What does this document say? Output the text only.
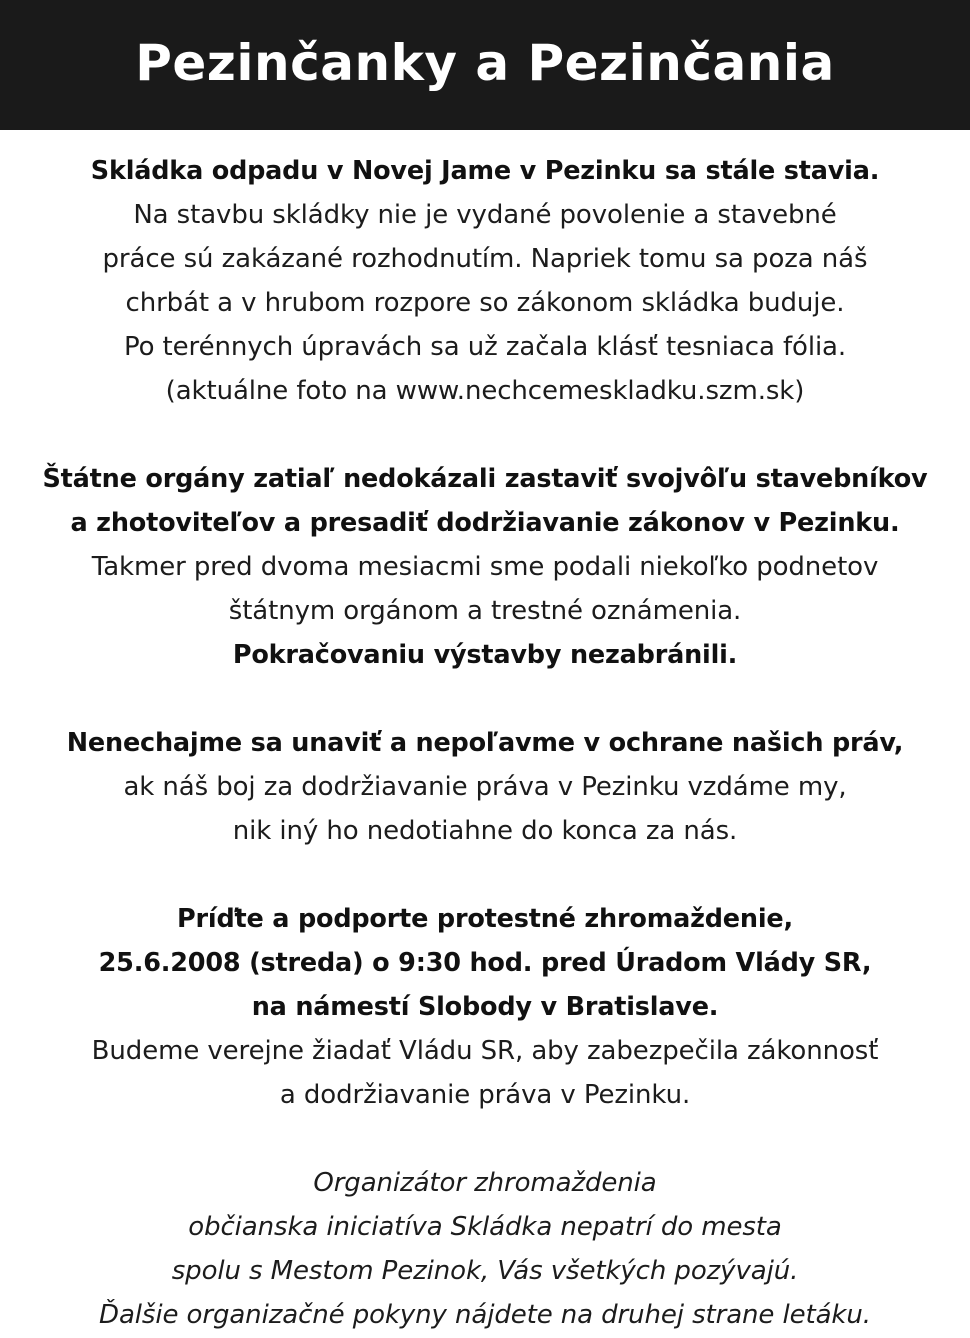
Pezinčanky a Pezinčania
Skládka odpadu v Novej Jame v Pezinku sa stále stavia.
Na stavbu skládky nie je vydané povolenie a stavebné
práce sú zakázané rozhodnutím. Napriek tomu sa poza náš
chrbát a v hrubom rozpore so zákonom skládka buduje.
Po terénnych úpravách sa už začala klásť tesniaca fólia.
(aktuálne foto na www.nechcemeskladku.szm.sk)
Štátne orgány zatiaľ nedokázali zastaviť svojvôľu stavebníkov
a zhotoviteľov a presadiť dodržiavanie zákonov v Pezinku.
Takmer pred dvoma mesiacmi sme podali niekoľko podnetov
štátnym orgánom a trestné oznámenia.
Pokračovaniu výstavby nezabránili.
Nenechajme sa unaviť a nepoľavme v ochrane našich práv,
ak náš boj za dodržiavanie práva v Pezinku vzdáme my,
nik iný ho nedotiahne do konca za nás.
Príďte a podporte protestné zhromaždenie,
25.6.2008 (streda) o 9:30 hod. pred Úradom Vlády SR,
na námestí Slobody v Bratislave.
Budeme verejne žiadať Vládu SR, aby zabezpečila zákonnosť
a dodržiavanie práva v Pezinku.
Organizátor zhromaždenia
občianska iniciatíva Skládka nepatrí do mesta
spolu s Mestom Pezinok, Vás všetkých pozývajú.
Ďalšie organizačné pokyny nájdete na druhej strane letáku.
